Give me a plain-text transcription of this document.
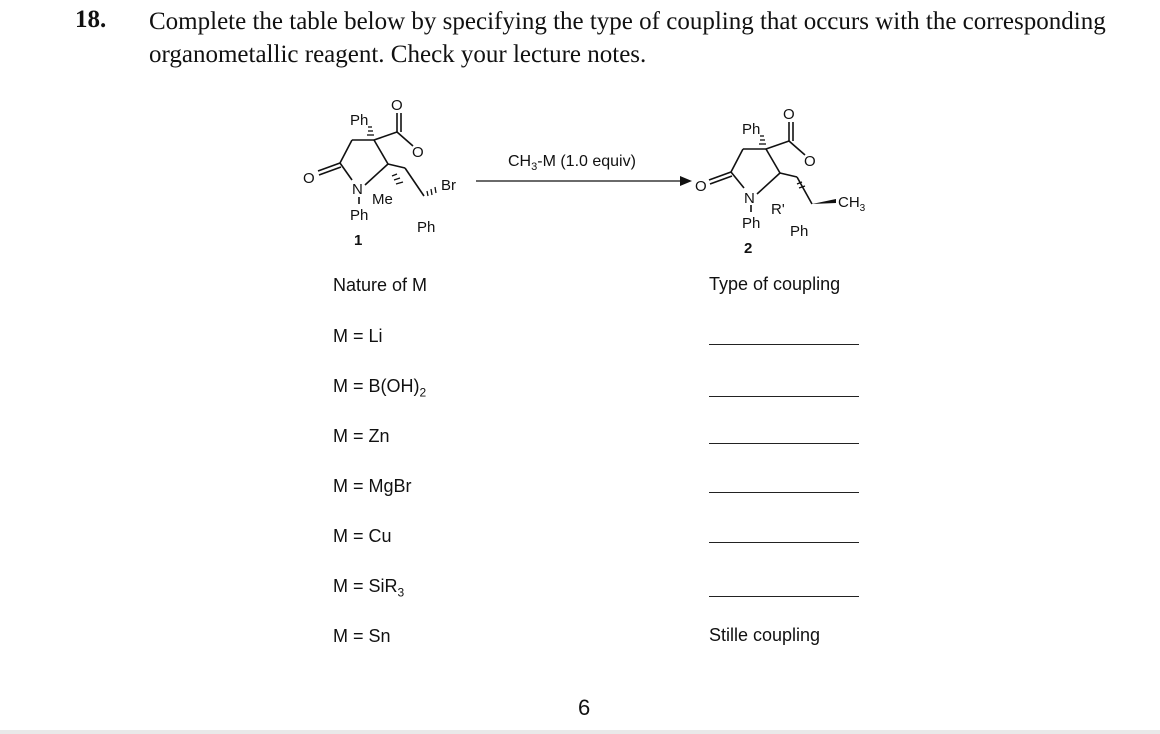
18. Complete the table below by specifying the type of coupling that occurs with the corresponding
organometallic reagent. Check your lecture notes.
Ph
O
O
O
N
Ph
Me
Br
Ph
1
$CH_3-M$ (1.0 equiv)
Ph
O
O
O
N
Ph
R'	$CH_3$
Ph
2
Nature of M	Type of coupling
M = Li
$M = B(OH)_2$
M = Zn
M = MgBr
M = Cu
M = SiR$_3$
M = Sn	Stille coupling
6
